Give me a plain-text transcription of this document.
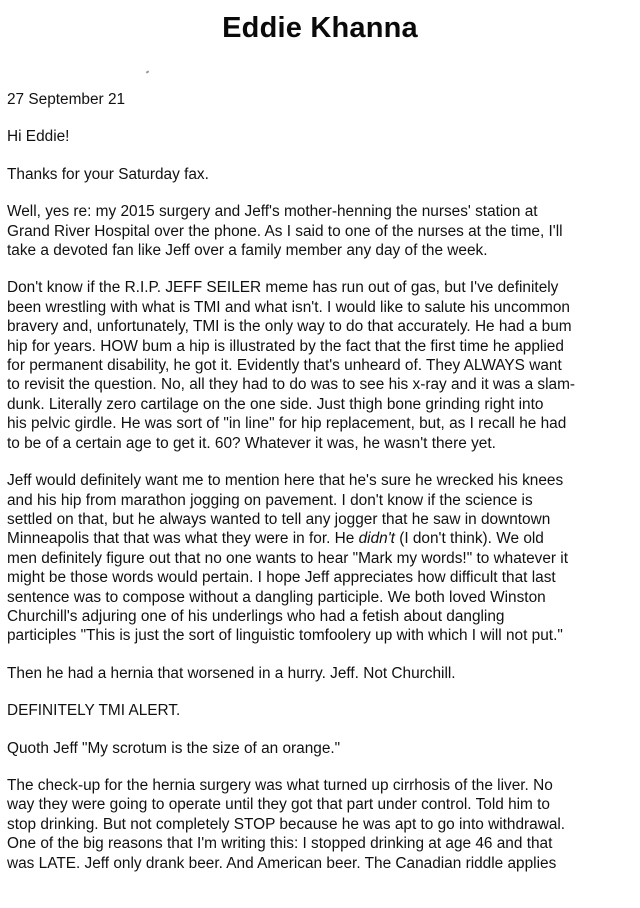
Eddie Khanna

27 September 21

Hi Eddie!

Thanks for your Saturday fax.

Well, yes re: my 2015 surgery and Jeff's mother-henning the nurses' station at
Grand River Hospital over the phone. As I said to one of the nurses at the time, I'll
take a devoted fan like Jeff over a family member any day of the week.

Don't know if the R.I.P. JEFF SEILER meme has run out of gas, but I've definitely
been wrestling with what is TMI and what isn't. I would like to salute his uncommon
bravery and, unfortunately, TMI is the only way to do that accurately. He had a bum
hip for years. HOW bum a hip is illustrated by the fact that the first time he applied
for permanent disability, he got it. Evidently that's unheard of. They ALWAYS want
to revisit the question. No, all they had to do was to see his x-ray and it was a slam-
dunk. Literally zero cartilage on the one side. Just thigh bone grinding right into
his pelvic girdle. He was sort of "in line" for hip replacement, but, as I recall he had
to be of a certain age to get it. 60? Whatever it was, he wasn't there yet.

Jeff would definitely want me to mention here that he's sure he wrecked his knees
and his hip from marathon jogging on pavement. I don't know if the science is
settled on that, but he always wanted to tell any jogger that he saw in downtown
Minneapolis that that was what they were in for. He didn't (I don't think). We old
men definitely figure out that no one wants to hear "Mark my words!" to whatever it
might be those words would pertain. I hope Jeff appreciates how difficult that last
sentence was to compose without a dangling participle. We both loved Winston
Churchill's adjuring one of his underlings who had a fetish about dangling
participles "This is just the sort of linguistic tomfoolery up with which I will not put."

Then he had a hernia that worsened in a hurry. Jeff. Not Churchill.

DEFINITELY TMI ALERT.

Quoth Jeff "My scrotum is the size of an orange."

The check-up for the hernia surgery was what turned up cirrhosis of the liver. No
way they were going to operate until they got that part under control. Told him to
stop drinking. But not completely STOP because he was apt to go into withdrawal.
One of the big reasons that I'm writing this: I stopped drinking at age 46 and that
was LATE. Jeff only drank beer. And American beer. The Canadian riddle applies
